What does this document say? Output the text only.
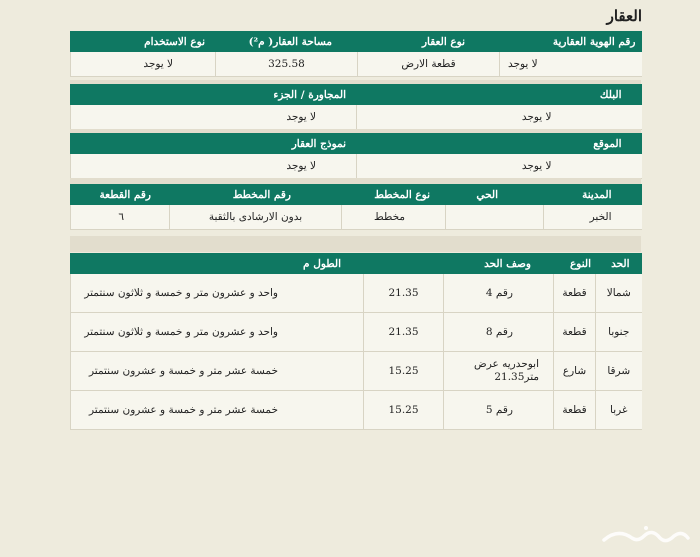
العقار
رقم الهوية العقارية	نوع العقار	مساحة العقار( م²)	نوع الاستخدام
لا يوجد	قطعة الارض	325.58	لا يوجد
البلك	المجاورة / الجزء
لا يوجد	لا يوجد
الموقع	نموذج العقار
لا يوجد	لا يوجد
المدينة	الحي	نوع المخطط	رقم المخطط	رقم القطعة
الخبر		مخطط	بدون الارشادى بالثقبة	٦
الحد	النوع	وصف الحد		الطول م
شمالا	قطعة	رقم 4	21.35	واحد و عشرون متر و خمسة و ثلاثون سنتمتر
جنوبا	قطعة	رقم 8	21.35	واحد و عشرون متر و خمسة و ثلاثون سنتمتر
شرقا	شارع	ابوحدريه عرض متر21.35	15.25	خمسة عشر متر و خمسة و عشرون سنتمتر
غربا	قطعة	رقم 5	15.25	خمسة عشر متر و خمسة و عشرون سنتمتر
